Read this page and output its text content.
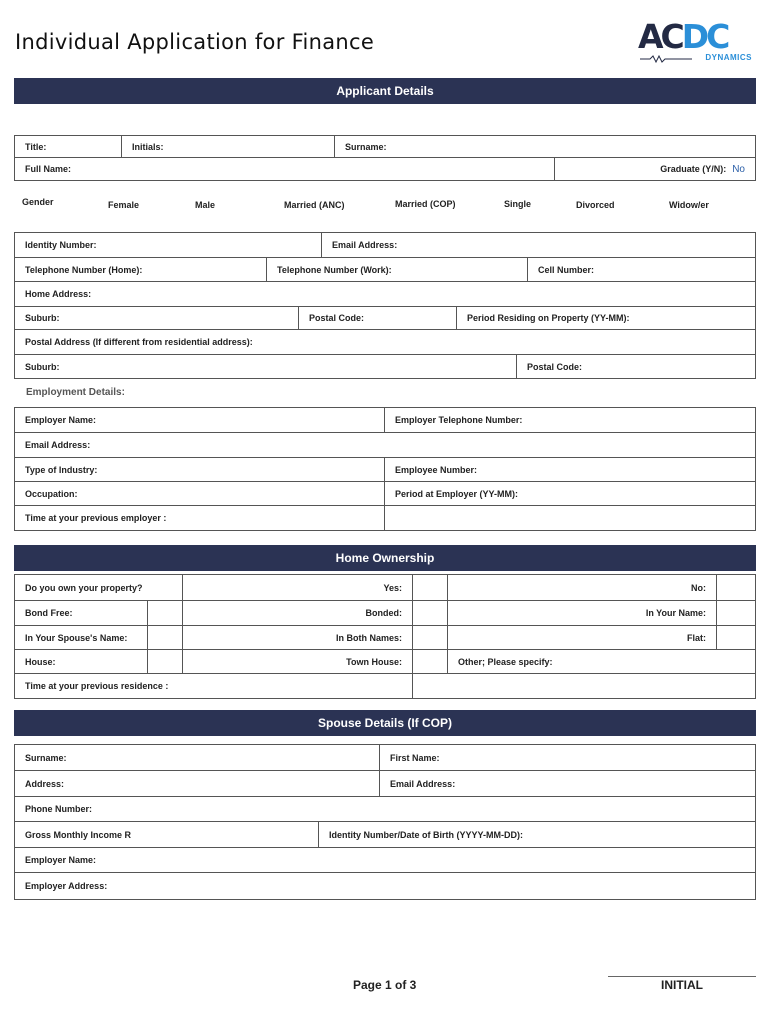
Individual Application for Finance	ACDC
DYNAMICS
Applicant Details
Title:	Initials:	Surname:
Full Name:	Graduate (Y/N): No
Gender	Female	Male	Married (ANC)	Married (COP)	Single	Divorced	Widow/er
Identity Number:	Email Address:
Telephone Number (Home):	Telephone Number (Work):	Cell Number:
Home Address:
Suburb:	Postal Code:	Period Residing on Property (YY-MM):
Postal Address (If different from residential address):
Suburb:	Postal Code:
Employment Details:
Employer Name:	Employer Telephone Number:
Email Address:
Type of Industry:	Employee Number:
Occupation:	Period at Employer (YY-MM):
Time at your previous employer :
Home Ownership
Do you own your property?	Yes:	No:
Bond Free:	Bonded:	In Your Name:
In Your Spouse's Name:	In Both Names:	Flat:
House:	Town House:	Other; Please specify:
Time at your previous residence :
Spouse Details (If COP)
Surname:	First Name:
Address:	Email Address:
Phone Number:
Gross Monthly Income R	Identity Number/Date of Birth (YYYY-MM-DD):
Employer Name:
Employer Address:
Page 1 of 3	INITIAL
